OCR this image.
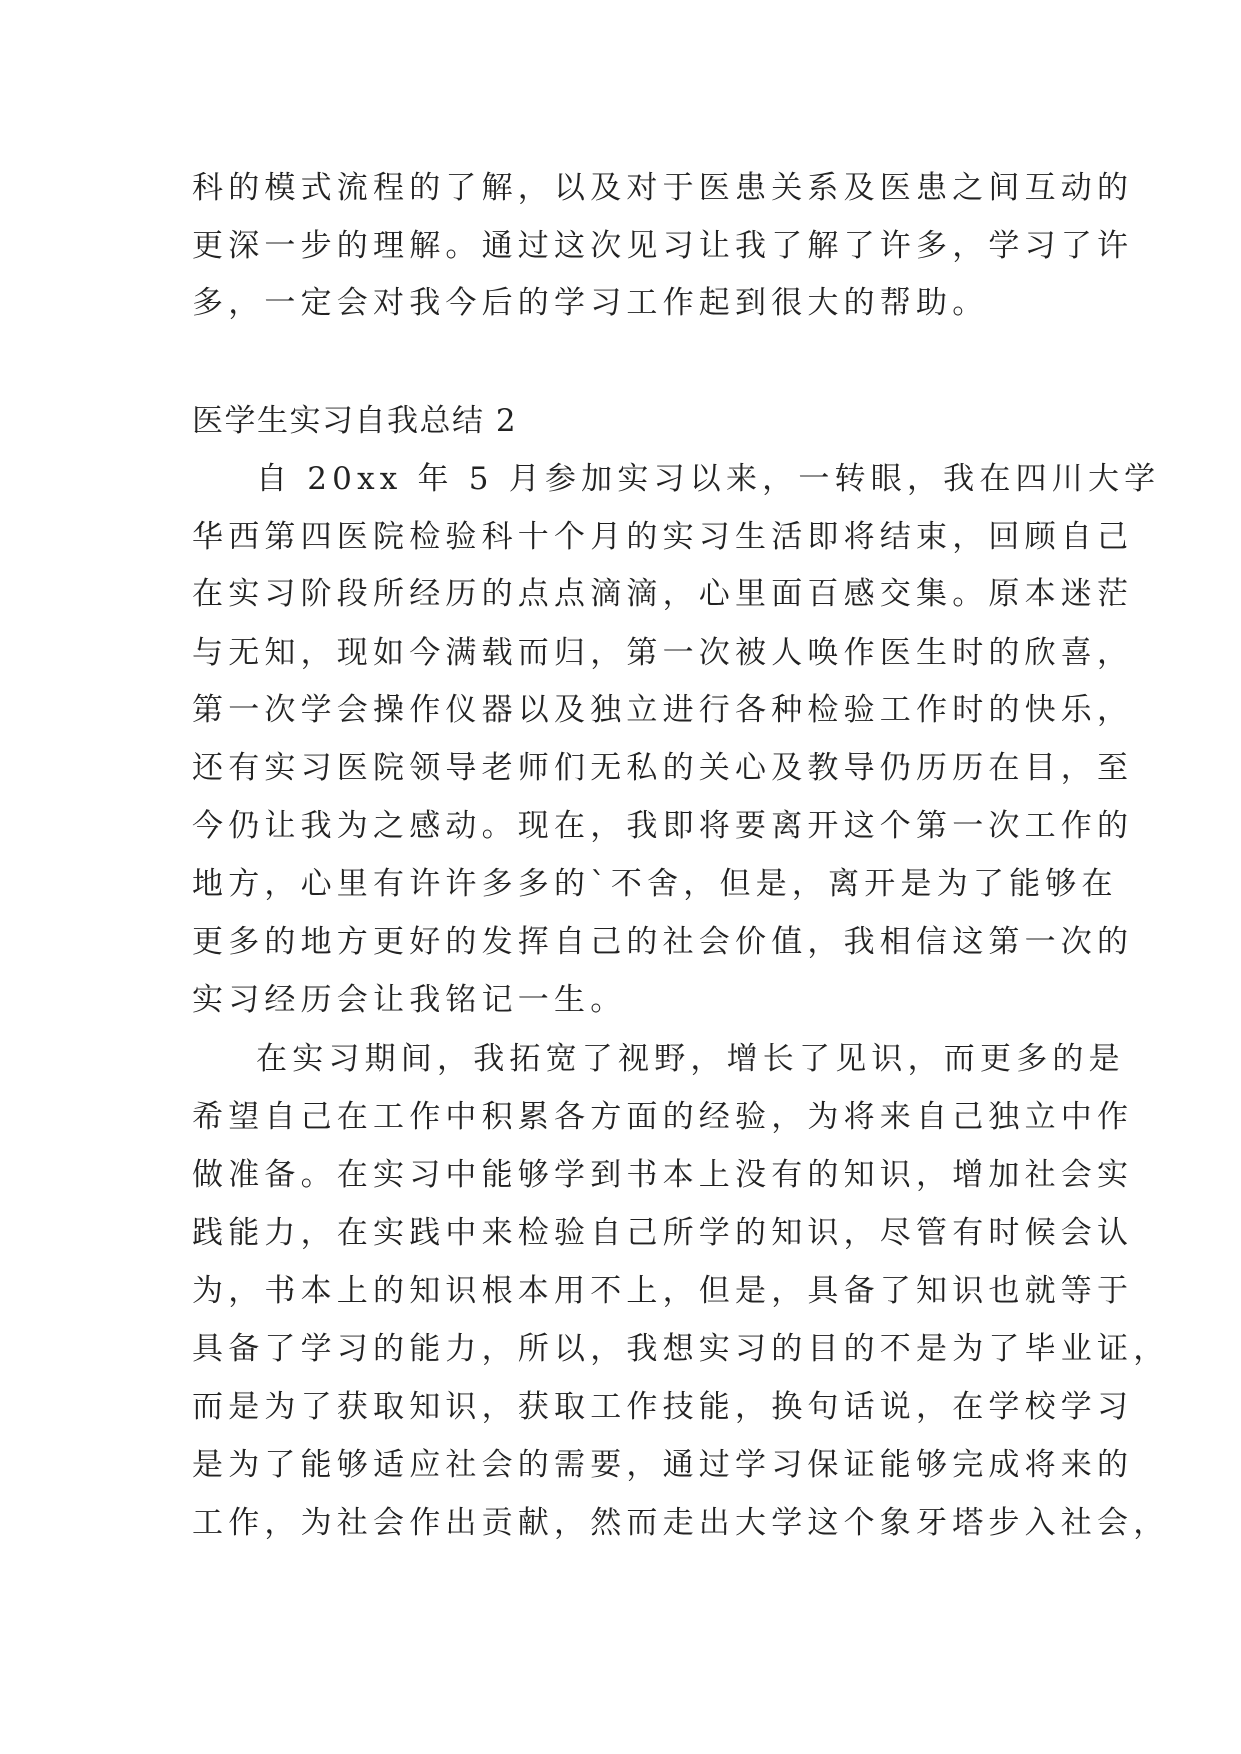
科的模式流程的了解，以及对于医患关系及医患之间互动的
更深一步的理解。通过这次见习让我了解了许多，学习了许
多，一定会对我今后的学习工作起到很大的帮助。
医学生实习自我总结 2
自 20xx 年 5 月参加实习以来，一转眼，我在四川大学
华西第四医院检验科十个月的实习生活即将结束，回顾自己
在实习阶段所经历的点点滴滴，心里面百感交集。原本迷茫
与无知，现如今满载而归，第一次被人唤作医生时的欣喜，
第一次学会操作仪器以及独立进行各种检验工作时的快乐，
还有实习医院领导老师们无私的关心及教导仍历历在目，至
今仍让我为之感动。现在，我即将要离开这个第一次工作的
地方，心里有许许多多的`不舍，但是，离开是为了能够在
更多的地方更好的发挥自己的社会价值，我相信这第一次的
实习经历会让我铭记一生。
在实习期间，我拓宽了视野，增长了见识，而更多的是
希望自己在工作中积累各方面的经验，为将来自己独立中作
做准备。在实习中能够学到书本上没有的知识，增加社会实
践能力，在实践中来检验自己所学的知识，尽管有时候会认
为，书本上的知识根本用不上，但是，具备了知识也就等于
具备了学习的能力，所以，我想实习的目的不是为了毕业证，
而是为了获取知识，获取工作技能，换句话说，在学校学习
是为了能够适应社会的需要，通过学习保证能够完成将来的
工作，为社会作出贡献，然而走出大学这个象牙塔步入社会，
